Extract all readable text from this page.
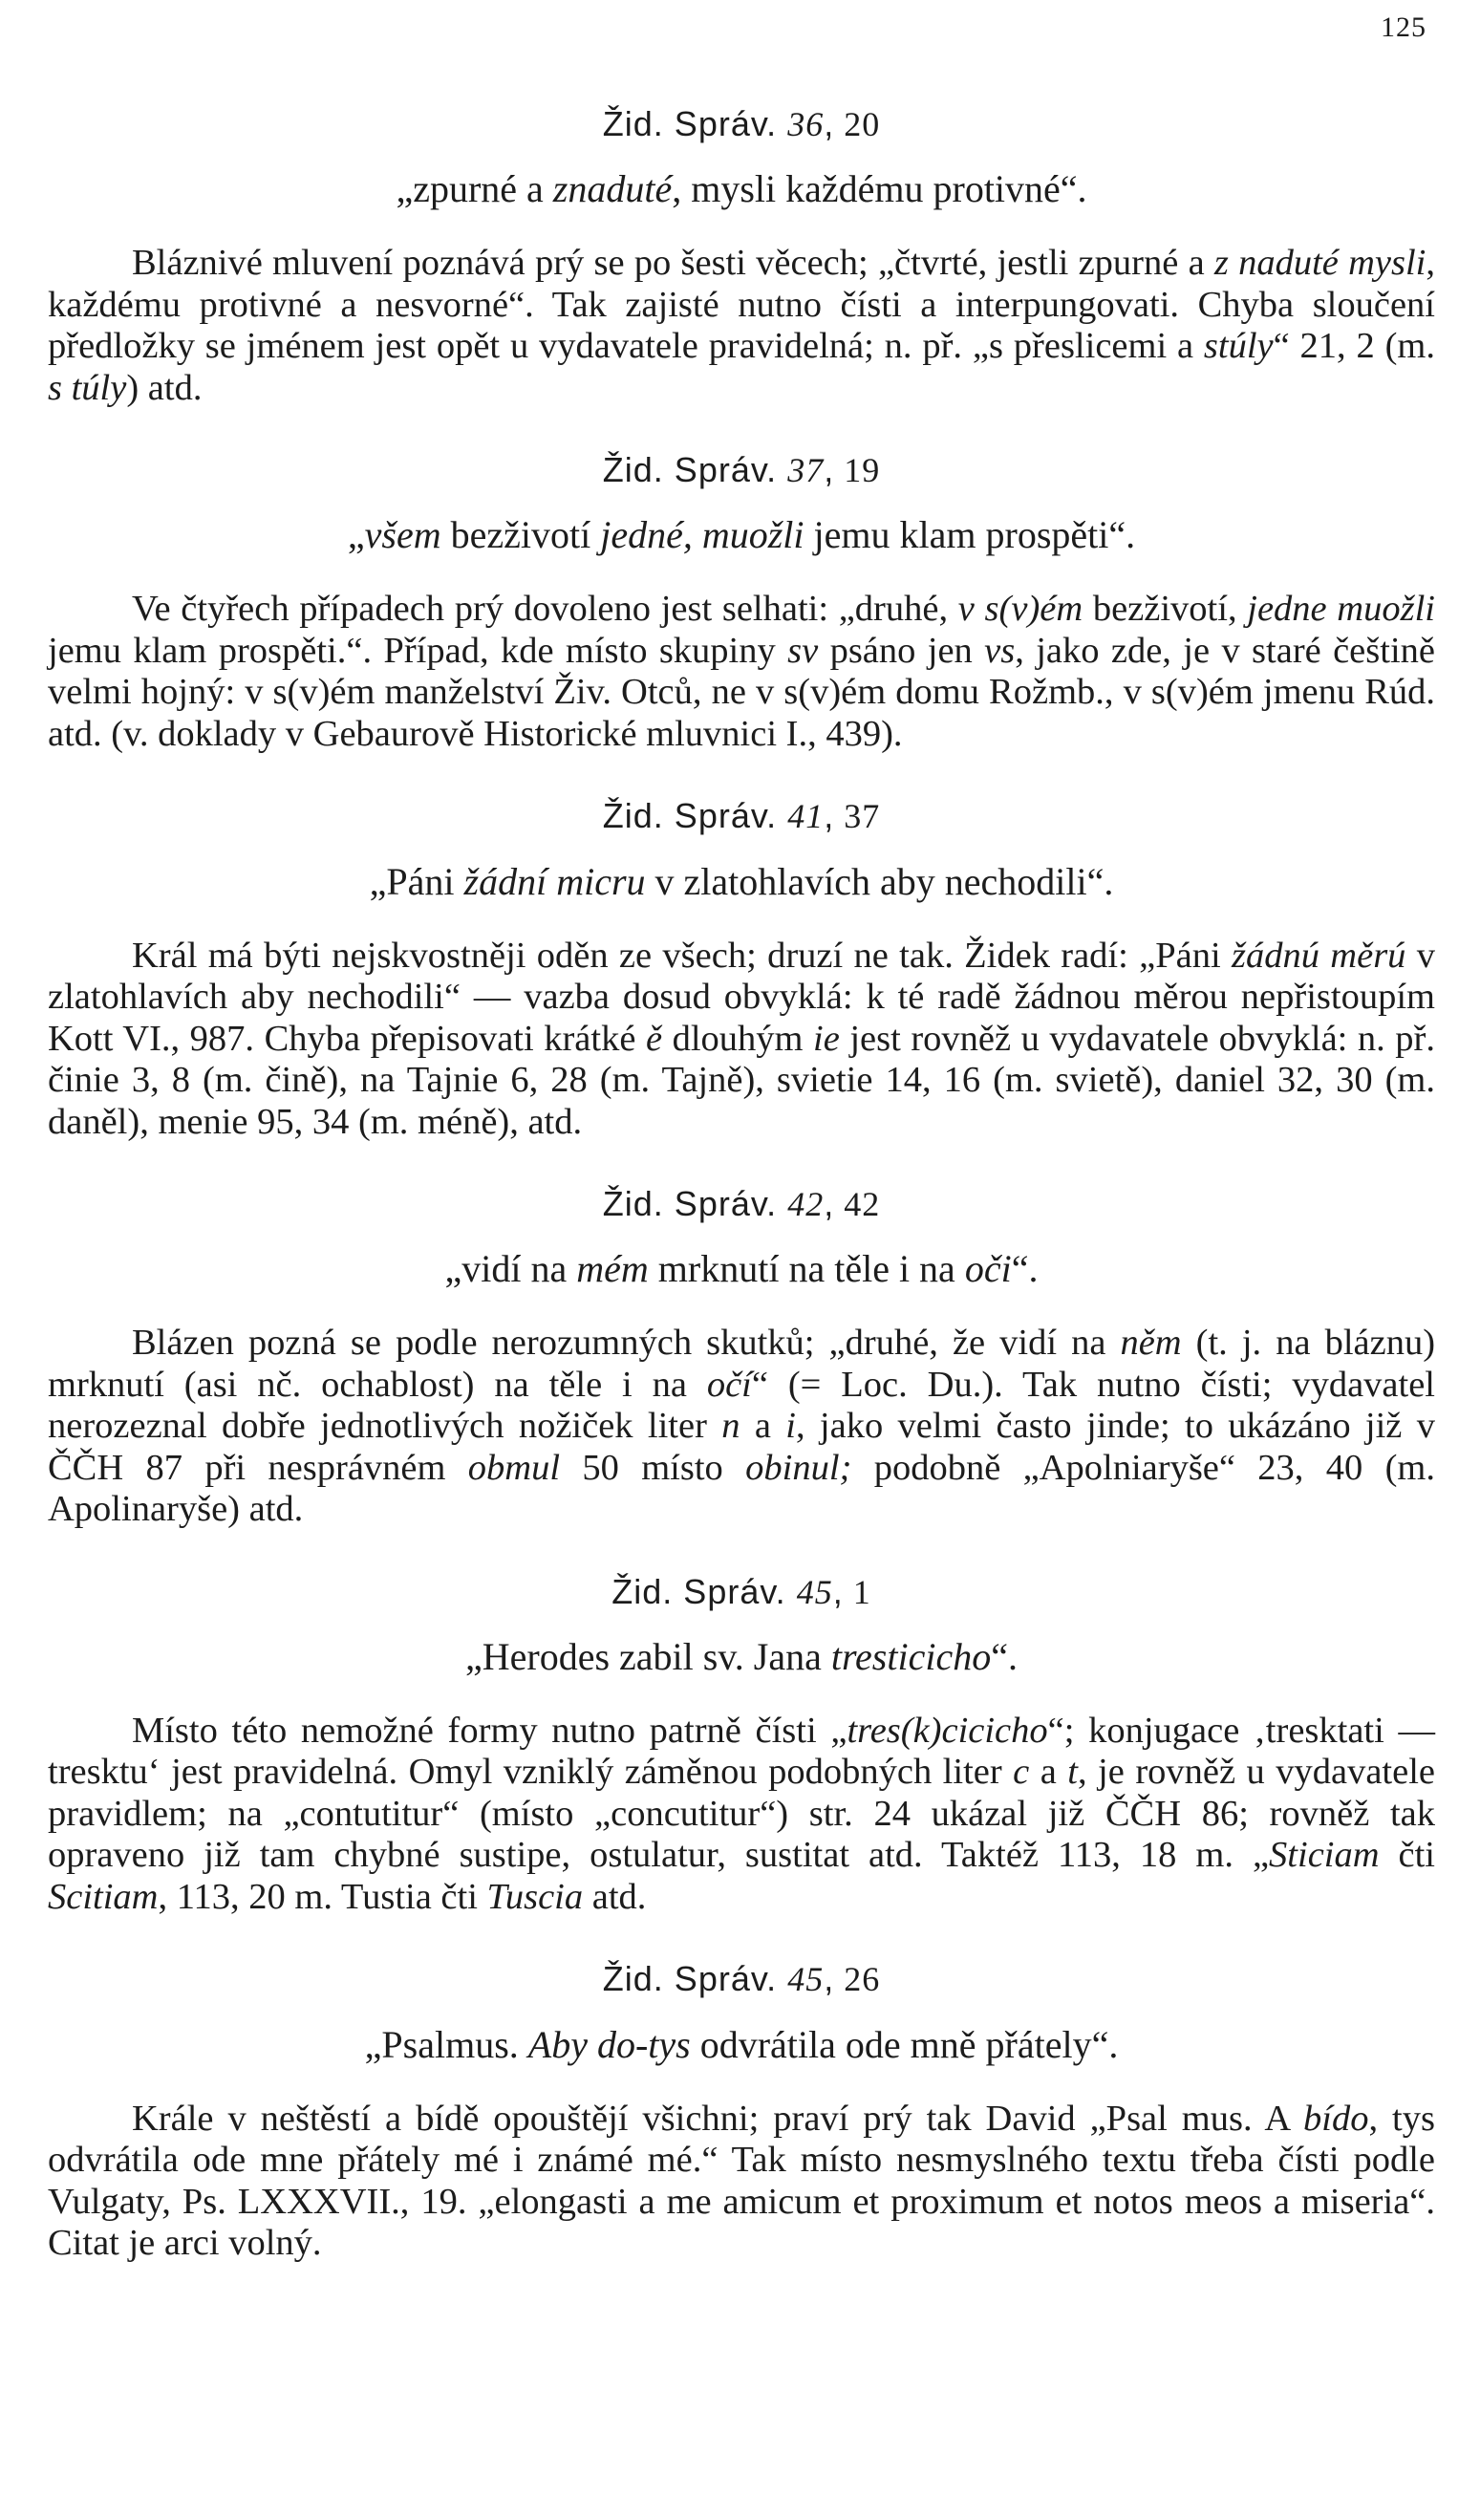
125
Žid. Správ. 36, 20
„zpurné a znaduté, mysli každému protivné“.

Bláznivé mluvení poznává prý se po šesti věcech; „čtvrté, jestli zpurné a z naduté mysli, každému protivné a nesvorné“. Tak zajisté nutno čísti a interpungovati. Chyba sloučení předložky se jménem jest opět u vydavatele pravidelná; n. př. „s přeslicemi a stúly“ 21, 2 (m. s túly) atd.

Žid. Správ. 37, 19
„všem bezživotí jedné, muožli jemu klam prospěti“.

Ve čtyřech případech prý dovoleno jest selhati: „druhé, v s(v)ém bezživotí, jedne muožli jemu klam prospěti.“. Případ, kde místo skupiny sv psáno jen vs, jako zde, je v staré češtině velmi hojný: v s(v)ém manželství Živ. Otců, ne v s(v)ém domu Rožmb., v s(v)ém jmenu Rúd. atd. (v. doklady v Gebaurově Historické mluvnici I., 439).

Žid. Správ. 41, 37
„Páni žádní micru v zlatohlavích aby nechodili“.

Král má býti nejskvostněji oděn ze všech; druzí ne tak. Židek radí: „Páni žádnú měrú v zlatohlavích aby nechodili“ — vazba dosud obvyklá: k té radě žádnou měrou nepřistoupím Kott VI., 987. Chyba přepisovati krátké ě dlouhým ie jest rovněž u vydavatele obvyklá: n. př. činie 3, 8 (m. čině), na Tajnie 6, 28 (m. Tajně), svietie 14, 16 (m. svietě), daniel 32, 30 (m. daněl), menie 95, 34 (m. méně), atd.

Žid. Správ. 42, 42
„vidí na mém mrknutí na těle i na oči“.

Blázen pozná se podle nerozumných skutků; „druhé, že vidí na něm (t. j. na bláznu) mrknutí (asi nč. ochablost) na těle i na očí“ (= Loc. Du.). Tak nutno čísti; vydavatel nerozeznal dobře jednotlivých nožiček liter n a i, jako velmi často jinde; to ukázáno již v ČČH 87 při nesprávném obmul 50 místo obinul; podobně „Apolniaryše“ 23, 40 (m. Apolinaryše) atd.

Žid. Správ. 45, 1
„Herodes zabil sv. Jana tresticicho“.

Místo této nemožné formy nutno patrně čísti „tres(k)cicicho“; konjugace ‚tresktati — tresktu‘ jest pravidelná. Omyl vzniklý záměnou podobných liter c a t, je rovněž u vydavatele pravidlem; na „contutitur“ (místo „concutitur“) str. 24 ukázal již ČČH 86; rovněž tak opraveno již tam chybné sustipe, ostulatur, sustitat atd. Taktéž 113, 18 m. „Sticiam čti Scitiam, 113, 20 m. Tustia čti Tuscia atd.

Žid. Správ. 45, 26
„Psalmus. Aby do-tys odvrátila ode mně přátely“.

Krále v neštěstí a bídě opouštějí všichni; praví prý tak David „Psal mus. A bído, tys odvrátila ode mne přátely mé i známé mé.“ Tak místo nesmyslného textu třeba čísti podle Vulgaty, Ps. LXXXVII., 19. „elongasti a me amicum et proximum et notos meos a miseria“. Citat je arci volný.
